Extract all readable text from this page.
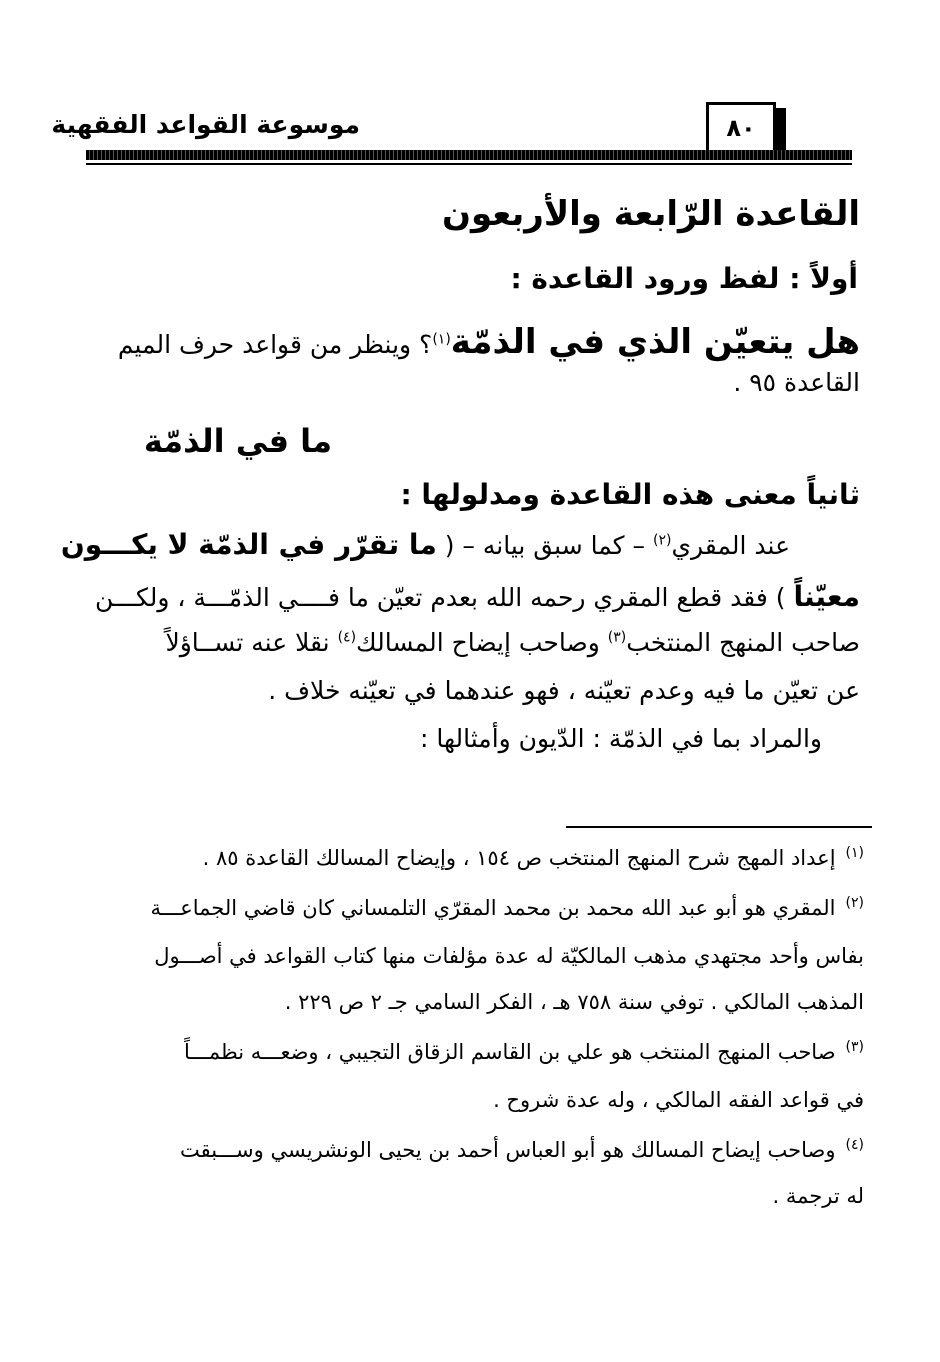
موسوعة القواعد الفقهية	٨٠
القاعدة الرّابعة والأربعون
أولاً : لفظ ورود القاعدة :
هل يتعيّن الذي في الذمّة$^{(١)}$؟ وينظر من قواعد حرف الميم
القاعدة ٩٥ .
ما في الذمّة
ثانياً معنى هذه القاعدة ومدلولها :
عند المقري$^{(٢)}$ – كما سبق بيانه – ( ما تقرّر في الذمّة لا يكـــون
معيّناً ) فقد قطع المقري رحمه الله بعدم تعيّن ما فــــي الذمّـــة ، ولكـــن
صاحب المنهج المنتخب$^{(٣)}$ وصاحب إيضاح المسالك$^{(٤)}$ نقلا عنه تســاؤلاً
عن تعيّن ما فيه وعدم تعيّنه ، فهو عندهما في تعيّنه خلاف .
والمراد بما في الذمّة : الدّيون وأمثالها :
$^{(١)}$إعداد المهج شرح المنهج المنتخب ص ١٥٤ ، وإيضاح المسالك القاعدة ٨٥ .
$^{(٢)}$المقري هو أبو عبد الله محمد بن محمد المقرّي التلمساني كان قاضي الجماعـــة
بفاس وأحد مجتهدي مذهب المالكيّة له عدة مؤلفات منها كتاب القواعد في أصـــول
المذهب المالكي . توفي سنة ٧٥٨ هـ ، الفكر السامي جـ ٢ ص ٢٢٩ .
$^{(٣)}$صاحب المنهج المنتخب هو علي بن القاسم الزقاق التجيبي ، وضعـــه نظمـــاً
في قواعد الفقه المالكي ، وله عدة شروح .
$^{(٤)}$وصاحب إيضاح المسالك هو أبو العباس أحمد بن يحيى الونشريسي وســـبقت
له ترجمة .
